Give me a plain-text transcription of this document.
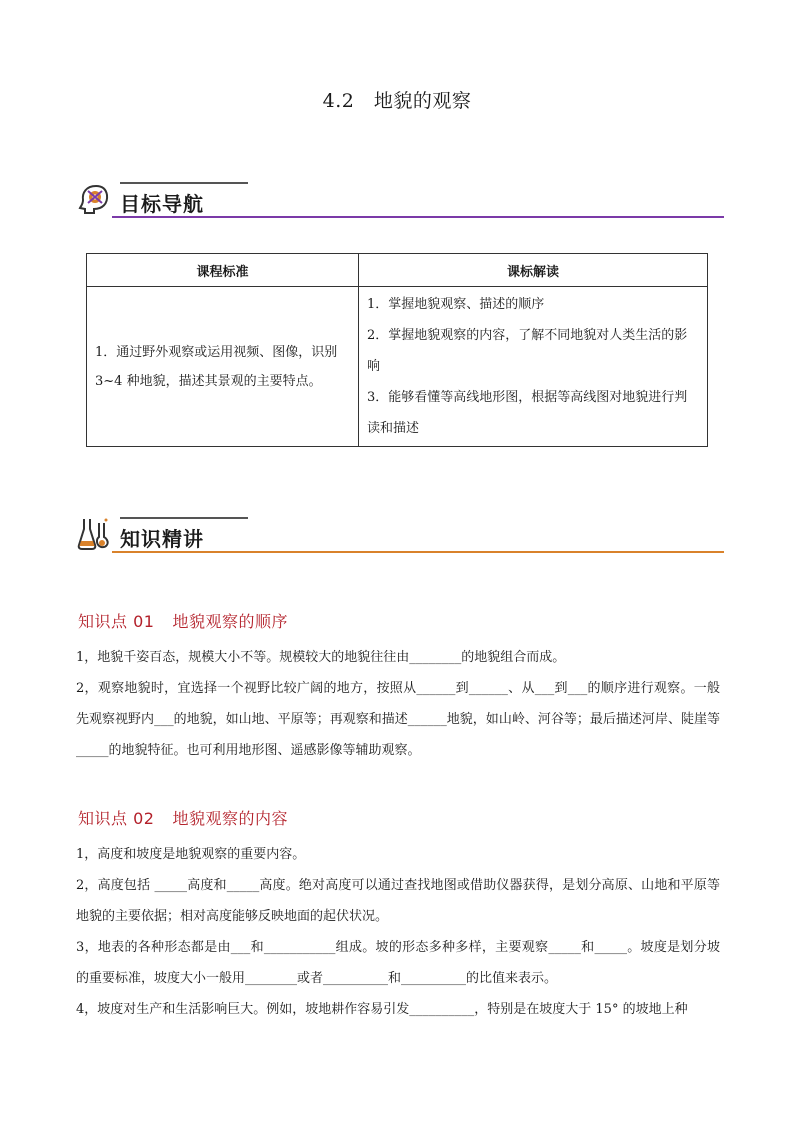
4.2　地貌的观察
目标导航
课程标准	课标解读
1．通过野外观察或运用视频、图像，识别3~4 种地貌，描述其景观的主要特点。	1．掌握地貌观察、描述的顺序
2．掌握地貌观察的内容，了解不同地貌对人类生活的影响
3．能够看懂等高线地形图，根据等高线图对地貌进行判读和描述
知识精讲
知识点 01 地貌观察的顺序

1，地貌千姿百态，规模大小不等。规模较大的地貌往往由________的地貌组合而成。

2，观察地貌时，宜选择一个视野比较广阔的地方，按照从______到______、从___到___的顺序进行观察。一般先观察视野内___的地貌，如山地、平原等；再观察和描述______地貌，如山岭、河谷等；最后描述河岸、陡崖等_____的地貌特征。也可利用地形图、遥感影像等辅助观察。

知识点 02 地貌观察的内容

1，高度和坡度是地貌观察的重要内容。

2，高度包括 _____高度和_____高度。绝对高度可以通过查找地图或借助仪器获得，是划分高原、山地和平原等地貌的主要依据；相对高度能够反映地面的起伏状况。

3，地表的各种形态都是由___和___________组成。坡的形态多种多样，主要观察_____和_____。坡度是划分坡的重要标准，坡度大小一般用________或者__________和__________的比值来表示。

4，坡度对生产和生活影响巨大。例如，坡地耕作容易引发__________，特别是在坡度大于 15° 的坡地上种
